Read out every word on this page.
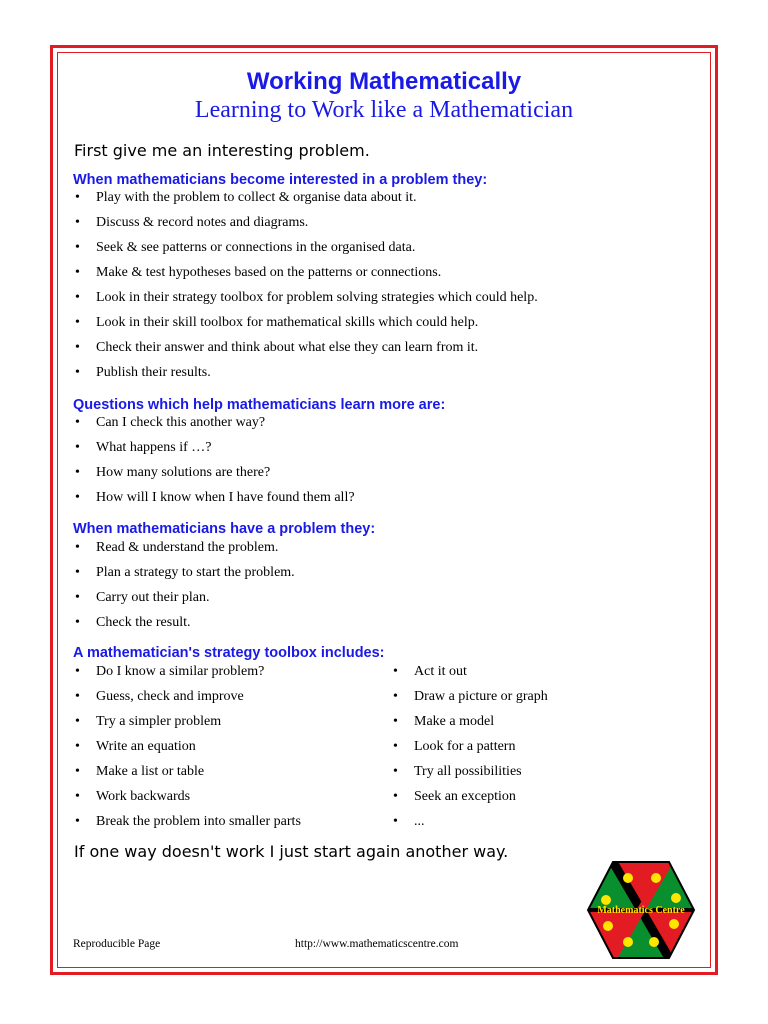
Working Mathematically
Learning to Work like a Mathematician
First give me an interesting problem.
When mathematicians become interested in a problem they:
• Play with the problem to collect & organise data about it.
• Discuss & record notes and diagrams.
• Seek & see patterns or connections in the organised data.
• Make & test hypotheses based on the patterns or connections.
• Look in their strategy toolbox for problem solving strategies which could help.
• Look in their skill toolbox for mathematical skills which could help.
• Check their answer and think about what else they can learn from it.
• Publish their results.
Questions which help mathematicians learn more are:
• Can I check this another way?
• What happens if …?
• How many solutions are there?
• How will I know when I have found them all?
When mathematicians have a problem they:
• Read & understand the problem.
• Plan a strategy to start the problem.
• Carry out their plan.
• Check the result.
A mathematician's strategy toolbox includes:
• Do I know a similar problem?
• Guess, check and improve
• Try a simpler problem
• Write an equation
• Make a list or table
• Work backwards
• Break the problem into smaller parts
• Act it out
• Draw a picture or graph
• Make a model
• Look for a pattern
• Try all possibilities
• Seek an exception
• ...
If one way doesn't work I just start again another way.
Reproducible Page	http://www.mathematicscentre.com
Mathematics Centre
